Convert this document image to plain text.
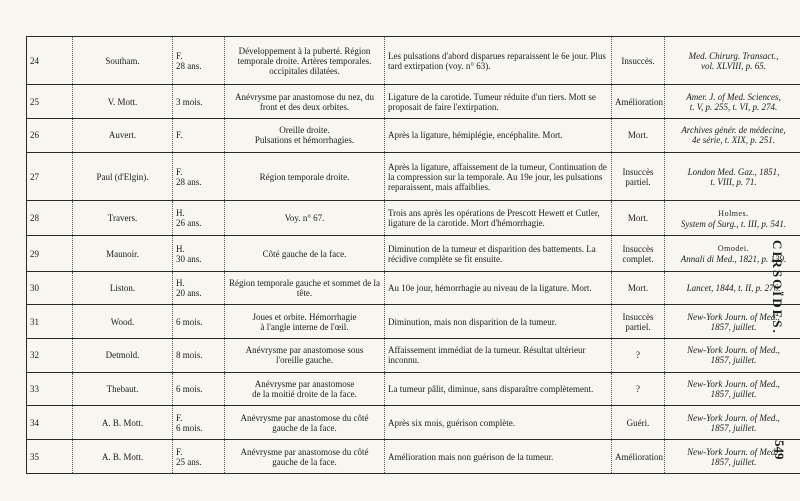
24	Southam.	F.
28 ans.	Développement à la puberté. Région temporale droite. Artères temporales. occipitales dilatées.	Les pulsations d'abord disparues reparaissent le 6e jour. Plus tard extirpation (voy. n° 63).	Insuccès.	Med. Chirurg. Transact.,
vol. XLVIII, p. 65.

25	V. Mott.	3 mois.	Anévrysme par anastomose du nez, du front et des deux orbites.	Ligature de la carotide. Tumeur réduite d'un tiers. Mott se proposait de faire l'extirpation.	Amélioration	Amer. J. of Med. Sciences,
t. V, p. 255, t. VI, p. 274.

26	Auvert.	F.	Oreille droite.
Pulsations et hémorrhagies.	Après la ligature, hémiplégie, encéphalite. Mort.	Mort.	Archives génér. de médecine,
4e série, t. XIX, p. 251.

27	Paul (d'Elgin).	F.
28 ans.	Région temporale droite.	Après la ligature, affaissement de la tumeur, Continuation de la compression sur la temporale. Au 19e jour, les pulsations reparaissent, mais affaiblies.	Insuccès
partiel.	London Med. Gaz., 1851,
t. VIII, p. 71.

28	Travers.	H.
26 ans.	Voy. n° 67.	Trois ans après les opérations de Prescott Hewett et Cutler, ligature de la carotide. Mort d'hémorrhagie.	Mort.	Holmes.
System of Surg., t. III, p. 541.

29	Maunoir.	H.
30 ans.	Côté gauche de la face.	Diminution de la tumeur et disparition des battements. La récidive complète se fit ensuite.	Insuccès
complet.	Omodei.
Annali di Med., 1821, p. 139.

30	Liston.	H.
20 ans.	Région temporale gauche et sommet de la tête.	Au 10e jour, hémorrhagie au niveau de la ligature. Mort.	Mort.	Lancet, 1844, t. II, p. 276.

31	Wood.	6 mois.	Joues et orbite. Hémorrhagie
à l'angle interne de l'œil.	Diminution, mais non disparition de la tumeur.	Insuccès
partiel.	New-York Journ. of Med.,
1857, juillet.

32	Detmold.	8 mois.	Anévrysme par anastomose sous
l'oreille gauche.	Affaissement immédiat de la tumeur. Résultat ultérieur inconnu.	?	New-York Journ. of Med.,
1857, juillet.

33	Thebaut.	6 mois.	Anévrysme par anastomose
de la moitié droite de la face.	La tumeur pâlit, diminue, sans disparaître complètement.	?	New-York Journ. of Med.,
1857, juillet.

34	A. B. Mott.	F.
6 mois.	Anévrysme par anastomose du côté
gauche de la face.	Après six mois, guérison complète.	Guéri.	New-York Journ. of Med.,
1857, juillet.

35	A. B. Mott.	F.
25 ans.	Anévrysme par anastomose du côté
gauche de la face.	Amélioration mais non guérison de la tumeur.	Amélioration	New-York Journ. of Med.,
1857, juillet.
CIRSOÏDES.
549
